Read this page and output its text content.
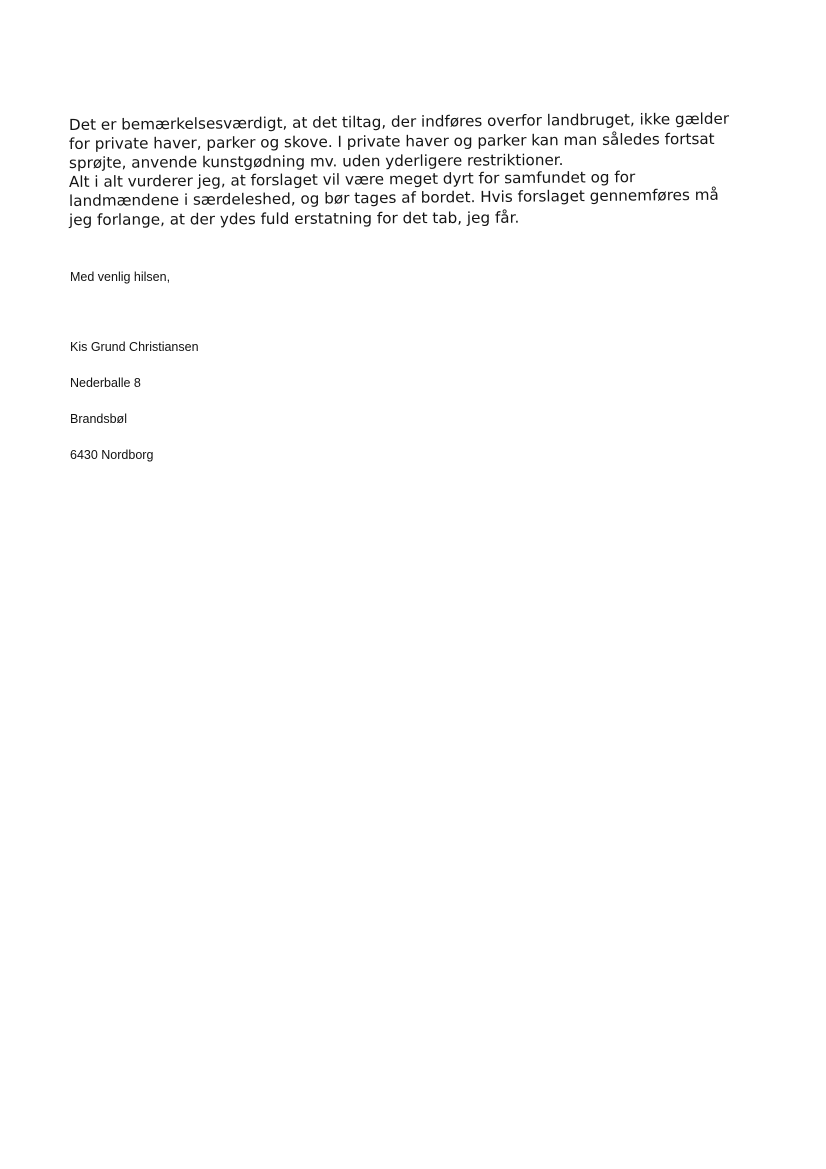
Det er bemærkelsesværdigt, at det tiltag, der indføres overfor landbruget, ikke gælder

for private haver, parker og skove. I private haver og parker kan man således fortsat

sprøjte, anvende kunstgødning mv. uden yderligere restriktioner.

Alt i alt vurderer jeg, at forslaget vil være meget dyrt for samfundet og for

landmændene i særdeleshed, og bør tages af bordet. Hvis forslaget gennemføres må

jeg forlange, at der ydes fuld erstatning for det tab, jeg får.

Med venlig hilsen,
Kis Grund Christiansen
Nederballe 8
Brandsbøl
6430 Nordborg
